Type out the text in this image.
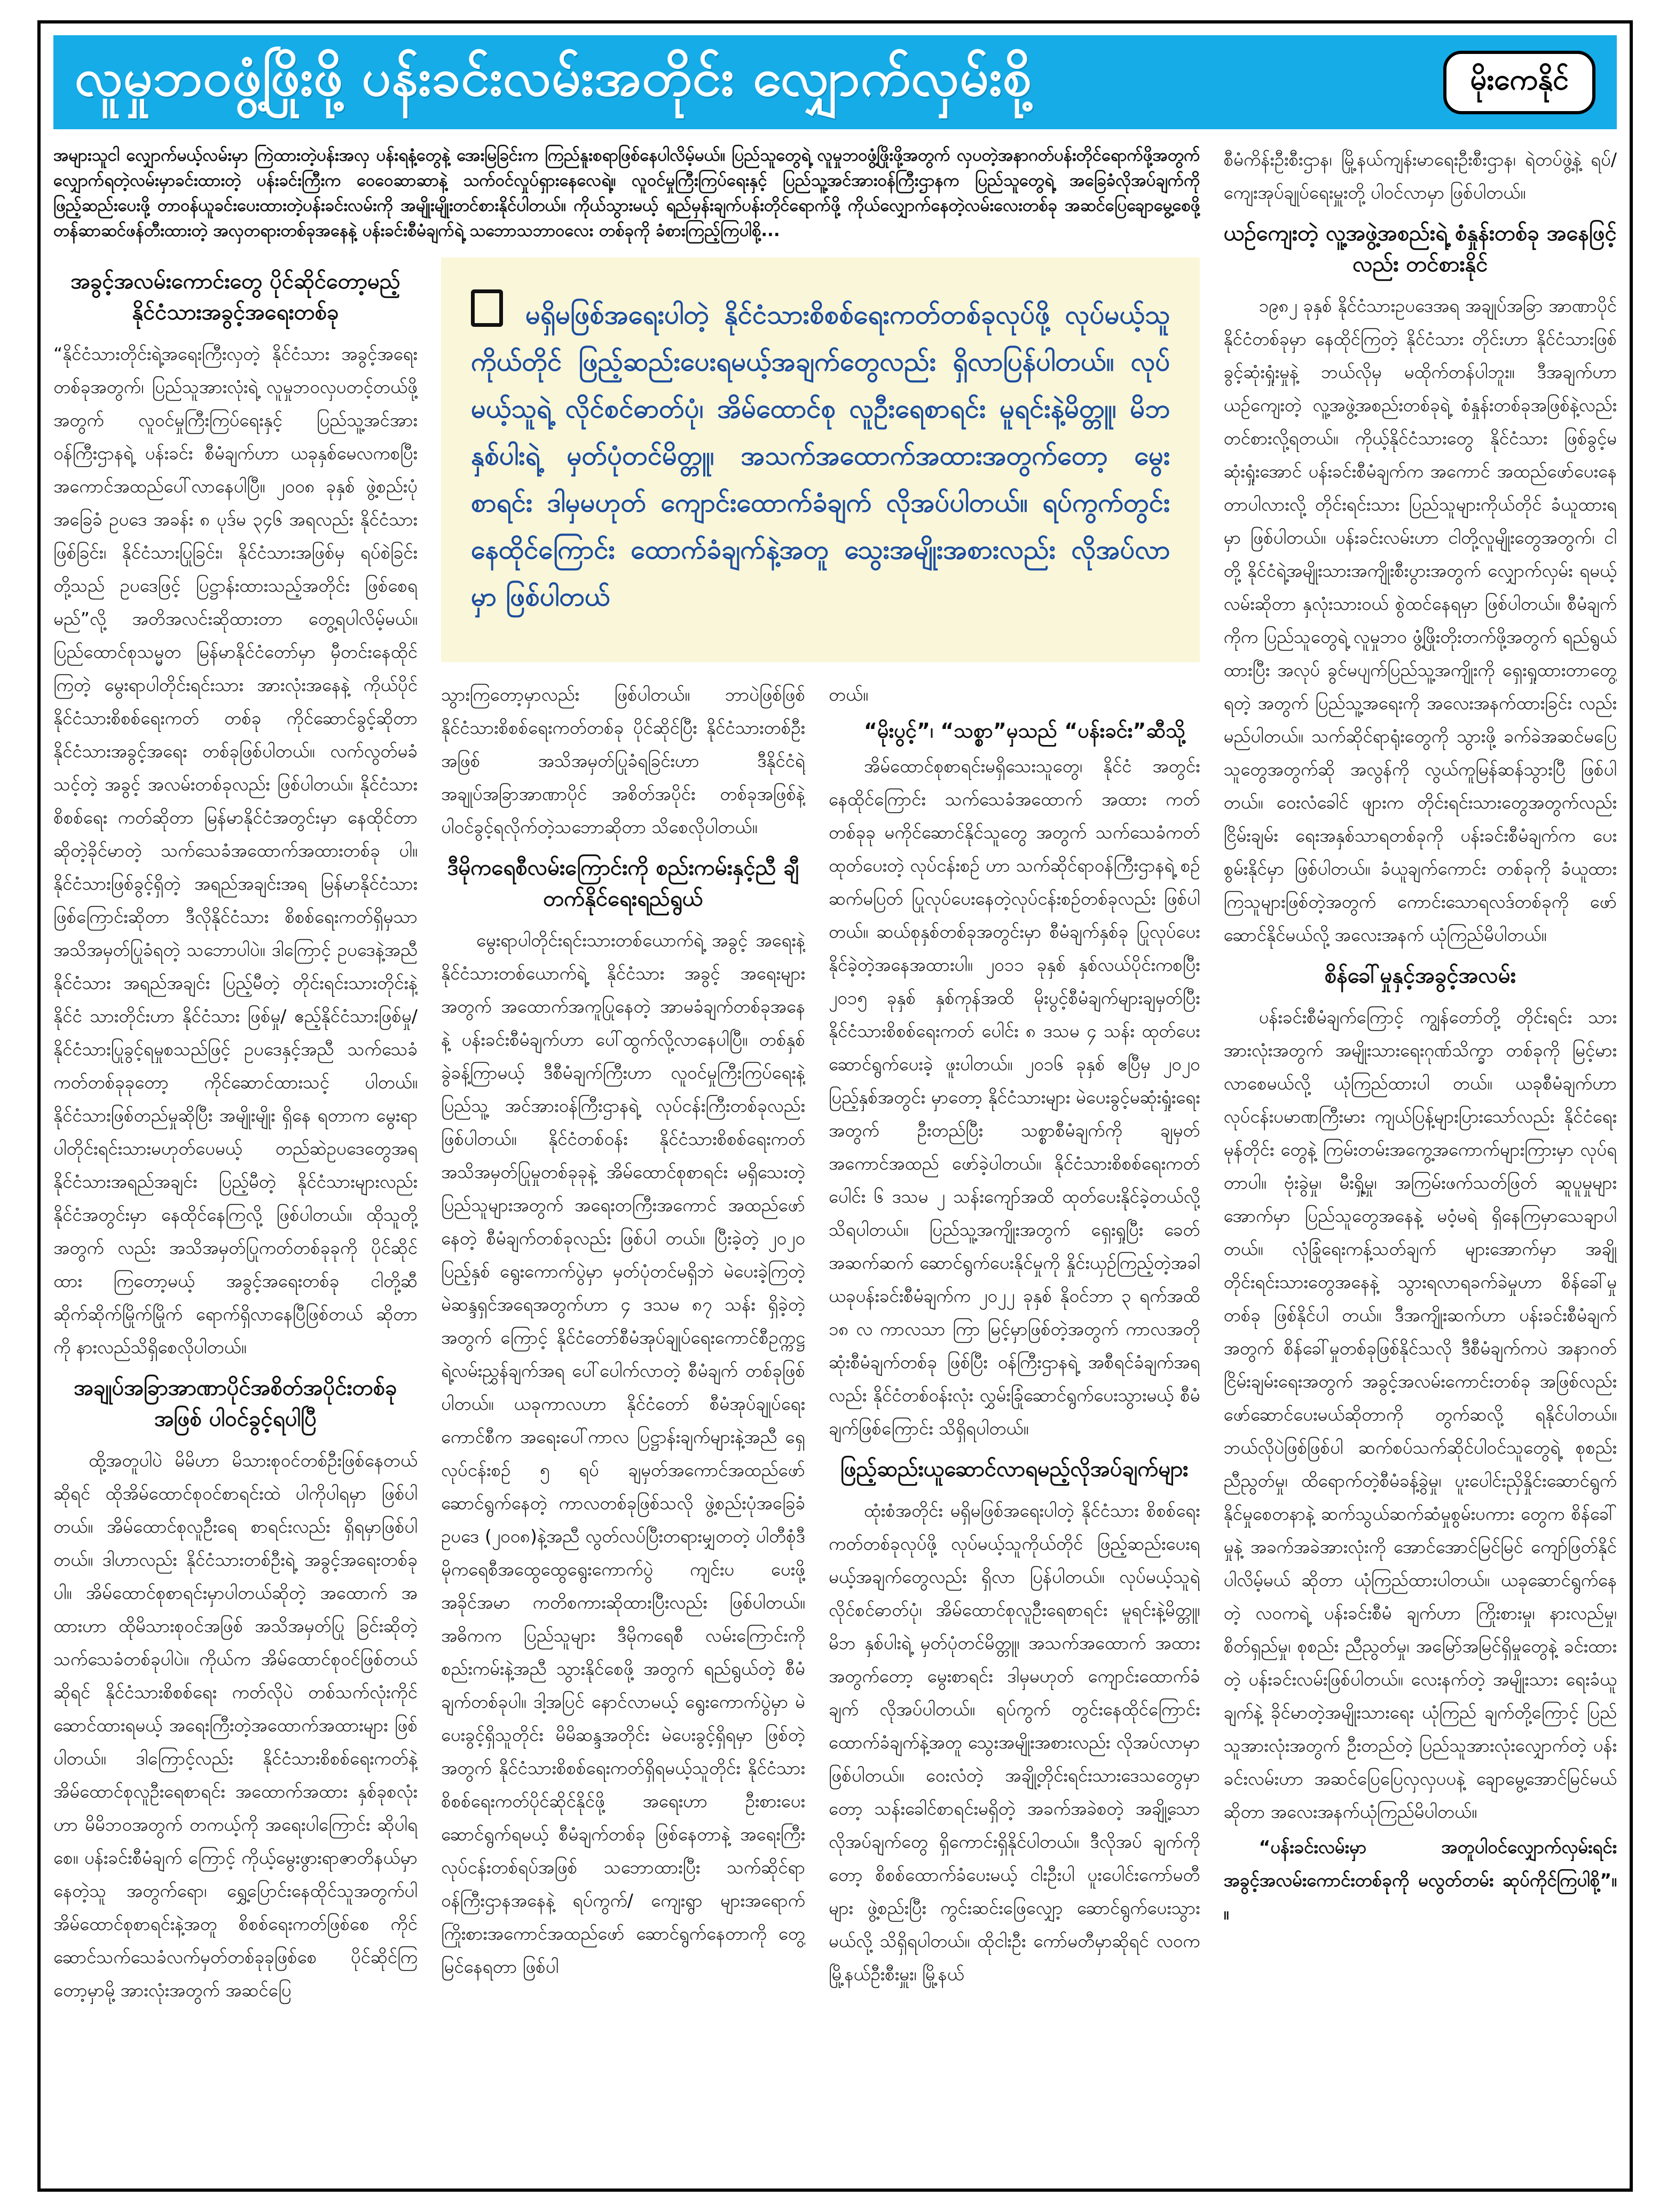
လူမှုဘဝဖွံ့ဖြိုးဖို့ ပန်းခင်းလမ်းအတိုင်း လျှောက်လှမ်းစို့	မိုးကေနိုင်
အများသူငါ လျှောက်မယ့်လမ်းမှာ ကြဲထားတဲ့ပန်းအလှ ပန်းရနံ့တွေနဲ့ အေးမြခြင်းက ကြည်နူးစရာဖြစ်နေပါလိမ့်မယ်။ ပြည်သူတွေရဲ့ လူမှုဘဝဖွံ့ဖြိုးဖို့အတွက် လှပတဲ့အနာဂတ်ပန်းတိုင်ရောက်ဖို့အတွက် လျှောက်ရတဲ့လမ်းမှာခင်းထားတဲ့ ပန်းခင်းကြီးက ဝေဝေဆာဆာနဲ့ သက်ဝင်လှုပ်ရှားနေလေရဲ့။ လူဝင်မှုကြီးကြပ်ရေးနှင့် ပြည်သူ့အင်အားဝန်ကြီးဌာနက ပြည်သူတွေရဲ့ အခြေခံလိုအပ်ချက်ကို ဖြည့်ဆည်းပေးဖို့ တာဝန်ယူခင်းပေးထားတဲ့ပန်းခင်းလမ်းကို အမျိုးမျိုးတင်စားနိုင်ပါတယ်။ ကိုယ်သွားမယ့် ရည်မှန်းချက်ပန်းတိုင်ရောက်ဖို့ ကိုယ်လျှောက်နေတဲ့လမ်းလေးတစ်ခု အဆင်ပြေချောမွေ့စေဖို့ တန်ဆာဆင်ဖန်တီးထားတဲ့ အလှတရားတစ်ခုအနေနဲ့ ပန်းခင်းစီမံချက်ရဲ့ သဘောသဘာဝလေး တစ်ခုကို ခံစားကြည့်ကြပါစို့...
မရှိမဖြစ်အရေးပါတဲ့ နိုင်ငံသားစိစစ်ရေးကတ်တစ်ခုလုပ်ဖို့ လုပ်မယ့်သူကိုယ်တိုင် ဖြည့်ဆည်းပေးရမယ့်အချက်တွေလည်း ရှိလာပြန်ပါတယ်။ လုပ်မယ့်သူရဲ့ လိုင်စင်ဓာတ်ပုံ၊ အိမ်ထောင်စု လူဦးရေစာရင်း မူရင်းနဲ့မိတ္တူ၊ မိဘနှစ်ပါးရဲ့ မှတ်ပုံတင်မိတ္တူ၊ အသက်အထောက်အထားအတွက်တော့ မွေးစာရင်း ဒါမှမဟုတ် ကျောင်းထောက်ခံချက် လိုအပ်ပါတယ်။ ရပ်ကွက်တွင်း နေထိုင်ကြောင်း ထောက်ခံချက်နဲ့အတူ သွေးအမျိုးအစားလည်း လိုအပ်လာမှာ ဖြစ်ပါတယ်
အခွင့်အလမ်းကောင်းတွေ ပိုင်ဆိုင်တော့မည့် နိုင်ငံသားအခွင့်အရေးတစ်ခု

“နိုင်ငံသားတိုင်းရဲ့အရေးကြီးလှတဲ့ နိုင်ငံသား အခွင့်အရေးတစ်ခုအတွက်၊ ပြည်သူအားလုံးရဲ့ လူမှုဘဝလှပတင့်တယ်ဖို့အတွက် လူဝင်မှုကြီးကြပ်ရေးနှင့် ပြည်သူ့အင်အားဝန်ကြီးဌာနရဲ့ ပန်းခင်း စီမံချက်ဟာ ယခုနှစ်မေလကစပြီး အကောင်အထည်ပေါ်လာနေပါပြီ။ ၂၀၀၈ ခုနှစ် ဖွဲ့စည်းပုံအခြေခံ ဥပဒေ အခန်း ၈ ပုဒ်မ ၃၄၆ အရလည်း နိုင်ငံသားဖြစ်ခြင်း၊ နိုင်ငံသားပြုခြင်း၊ နိုင်ငံသားအဖြစ်မှ ရပ်စဲခြင်းတို့သည် ဥပဒေဖြင့် ပြဋ္ဌာန်းထားသည့်အတိုင်း ဖြစ်စေရမည်”လို့ အတိအလင်းဆိုထားတာ တွေ့ရပါလိမ့်မယ်။ ပြည်ထောင်စုသမ္မတ မြန်မာနိုင်ငံတော်မှာ မှီတင်းနေထိုင်ကြတဲ့ မွေးရာပါတိုင်းရင်းသား အားလုံးအနေနဲ့ ကိုယ်ပိုင်နိုင်ငံသားစိစစ်ရေးကတ် တစ်ခု ကိုင်ဆောင်ခွင့်ဆိုတာ နိုင်ငံသားအခွင့်အရေး တစ်ခုဖြစ်ပါတယ်။ လက်လွတ်မခံသင့်တဲ့ အခွင့် အလမ်းတစ်ခုလည်း ဖြစ်ပါတယ်။ နိုင်ငံသားစိစစ်ရေး ကတ်ဆိုတာ မြန်မာနိုင်ငံအတွင်းမှာ နေထိုင်တာ ဆိုတဲ့ခိုင်မာတဲ့ သက်သေခံအထောက်အထားတစ်ခု ပါ။ နိုင်ငံသားဖြစ်ခွင့်ရှိတဲ့ အရည်အချင်းအရ မြန်မာနိုင်ငံသားဖြစ်ကြောင်းဆိုတာ ဒီလိုနိုင်ငံသား စိစစ်ရေးကတ်ရှိမှသာ အသိအမှတ်ပြုခံရတဲ့ သဘောပါပဲ။ ဒါကြောင့် ဥပဒေနဲ့အညီ နိုင်ငံသား အရည်အချင်း ပြည့်မီတဲ့ တိုင်းရင်းသားတိုင်းနဲ့ နိုင်ငံ သားတိုင်းဟာ နိုင်ငံသား ဖြစ်မှု/ ဧည့်နိုင်ငံသားဖြစ်မှု/ နိုင်ငံသားပြုခွင့်ရမှုစသည်ဖြင့် ဥပဒေနှင့်အညီ သက်သေခံကတ်တစ်ခုခုတော့ ကိုင်ဆောင်ထားသင့် ပါတယ်။ နိုင်ငံသားဖြစ်တည်မှုဆိုပြီး အမျိုးမျိုး ရှိနေ ရတာက မွေးရာပါတိုင်းရင်းသားမဟုတ်ပေမယ့် တည်ဆဲဥပဒေတွေအရ နိုင်ငံသားအရည်အချင်း ပြည့်မီတဲ့ နိုင်ငံသားများလည်း နိုင်ငံအတွင်းမှာ နေထိုင်နေကြလို့ ဖြစ်ပါတယ်။ ထိုသူတို့အတွက် လည်း အသိအမှတ်ပြုကတ်တစ်ခုခုကို ပိုင်ဆိုင်ထား ကြတော့မယ့် အခွင့်အရေးတစ်ခု ငါတို့ဆီ ဆိုက်ဆိုက်မြိုက်မြိုက် ရောက်ရှိလာနေပြီဖြစ်တယ် ဆိုတာကို နားလည်သိရှိစေလိုပါတယ်။

အချုပ်အခြာအာဏာပိုင်အစိတ်အပိုင်းတစ်ခုအဖြစ် ပါဝင်ခွင့်ရပါပြီ

ထို့အတူပါပဲ မိမိဟာ မိသားစုဝင်တစ်ဦးဖြစ်နေတယ်ဆိုရင် ထိုအိမ်ထောင်စုဝင်စာရင်းထဲ ပါကိုပါရမှာ ဖြစ်ပါတယ်။ အိမ်ထောင်စုလူဦးရေ စာရင်းလည်း ရှိရမှာဖြစ်ပါတယ်။ ဒါဟာလည်း နိုင်ငံသားတစ်ဦးရဲ့ အခွင့်အရေးတစ်ခုပါ။ အိမ်ထောင်စုစာရင်းမှာပါတယ်ဆိုတဲ့ အထောက် အထားဟာ ထိုမိသားစုဝင်အဖြစ် အသိအမှတ်ပြု ခြင်းဆိုတဲ့ သက်သေခံတစ်ခုပါပဲ။ ကိုယ်က အိမ်ထောင်စုဝင်ဖြစ်တယ်ဆိုရင် နိုင်ငံသားစိစစ်ရေး ကတ်လိုပဲ တစ်သက်လုံးကိုင်ဆောင်ထားရမယ့် အရေးကြီးတဲ့အထောက်အထားများ ဖြစ်ပါတယ်။ ဒါကြောင့်လည်း နိုင်ငံသားစိစစ်ရေးကတ်နဲ့ အိမ်ထောင်စုလူဦးရေစာရင်း အထောက်အထား နှစ်ခုစလုံးဟာ မိမိဘဝအတွက် တကယ့်ကို အရေးပါကြောင်း ဆိုပါရစေ။ ပန်းခင်းစီမံချက် ကြောင့် ကိုယ့်မွေးဖွားရာဇာတိနယ်မှာနေတဲ့သူ အတွက်ရော၊ ရွှေ့ပြောင်းနေထိုင်သူအတွက်ပါ အိမ်ထောင်စုစာရင်းနဲ့အတူ စိစစ်ရေးကတ်ဖြစ်စေ ကိုင်ဆောင်သက်သေခံလက်မှတ်တစ်ခုခုဖြစ်စေ ပိုင်ဆိုင်ကြတော့မှာမို့ အားလုံးအတွက် အဆင်ပြေ

သွားကြတော့မှာလည်း ဖြစ်ပါတယ်။ ဘာပဲဖြစ်ဖြစ် နိုင်ငံသားစိစစ်ရေးကတ်တစ်ခု ပိုင်ဆိုင်ပြီး နိုင်ငံသားတစ်ဦးအဖြစ် အသိအမှတ်ပြုခံရခြင်းဟာ ဒီနိုင်ငံရဲ့ အချုပ်အခြာအာဏာပိုင် အစိတ်အပိုင်း တစ်ခုအဖြစ်နဲ့ ပါဝင်ခွင့်ရလိုက်တဲ့သဘောဆိုတာ သိစေလိုပါတယ်။

ဒီမိုကရေစီလမ်းကြောင်းကို စည်းကမ်းနှင့်ညီ ချီတက်နိုင်ရေးရည်ရွယ်

မွေးရာပါတိုင်းရင်းသားတစ်ယောက်ရဲ့ အခွင့် အရေးနဲ့ နိုင်ငံသားတစ်ယောက်ရဲ့ နိုင်ငံသား အခွင့် အရေးများအတွက် အထောက်အကူပြုနေတဲ့ အာမခံချက်တစ်ခုအနေနဲ့ ပန်းခင်းစီမံချက်ဟာ ပေါ်ထွက်လို့လာနေပါပြီ။ တစ်နှစ်ခွဲခန့်ကြာမယ့် ဒီစီမံချက်ကြီးဟာ လူဝင်မှုကြီးကြပ်ရေးနဲ့ ပြည်သူ့ အင်အားဝန်ကြီးဌာနရဲ့ လုပ်ငန်းကြီးတစ်ခုလည်း ဖြစ်ပါတယ်။ နိုင်ငံတစ်ဝန်း နိုင်ငံသားစိစစ်ရေးကတ် အသိအမှတ်ပြုမှုတစ်ခုခုနဲ့ အိမ်ထောင်စုစာရင်း မရှိသေးတဲ့ပြည်သူများအတွက် အရေးတကြီးအကောင် အထည်ဖော်နေတဲ့ စီမံချက်တစ်ခုလည်း ဖြစ်ပါ တယ်။ ပြီးခဲ့တဲ့ ၂၀၂၀ ပြည့်နှစ် ရွေးကောက်ပွဲမှာ မှတ်ပုံတင်မရှိဘဲ မဲပေးခဲ့ကြတဲ့ မဲဆန္ဒရှင်အရေအတွက်ဟာ ၄ ဒသမ ၈၇ သန်း ရှိခဲ့တဲ့အတွက် ကြောင့် နိုင်ငံတော်စီမံအုပ်ချုပ်ရေးကောင်စီဥက္ကဋ္ဌ ရဲ့လမ်းညွှန်ချက်အရ ပေါ်ပေါက်လာတဲ့ စီမံချက် တစ်ခုဖြစ်ပါတယ်။ ယခုကာလဟာ နိုင်ငံတော် စီမံအုပ်ချုပ်ရေးကောင်စီက အရေးပေါ်ကာလ ပြဋ္ဌာန်းချက်များနဲ့အညီ ရှေ့လုပ်ငန်းစဉ် ၅ ရပ် ချမှတ်အကောင်အထည်ဖော် ဆောင်ရွက်နေတဲ့ ကာလတစ်ခုဖြစ်သလို ဖွဲ့စည်းပုံအခြေခံဥပဒေ (၂၀၀၈)နဲ့အညီ လွတ်လပ်ပြီးတရားမျှတတဲ့ ပါတီစုံဒီမိုကရေစီအထွေထွေရွေးကောက်ပွဲ ကျင်းပ ပေးဖို့ အခိုင်အမာ ကတိစကားဆိုထားပြီးလည်း ဖြစ်ပါတယ်။ အဓိကက ပြည်သူများ ဒီမိုကရေစီ လမ်းကြောင်းကို စည်းကမ်းနဲ့အညီ သွားနိုင်စေဖို့ အတွက် ရည်ရွယ်တဲ့ စီမံချက်တစ်ခုပါ။ ဒါ့အပြင် နောင်လာမယ့် ရွေးကောက်ပွဲမှာ မဲပေးခွင့်ရှိသူတိုင်း မိမိဆန္ဒအတိုင်း မဲပေးခွင့်ရှိရမှာ ဖြစ်တဲ့အတွက် နိုင်ငံသားစိစစ်ရေးကတ်ရှိရမယ့်သူတိုင်း နိုင်ငံသား စိစစ်ရေးကတ်ပိုင်ဆိုင်နိုင်ဖို့ အရေးဟာ ဦးစားပေး ဆောင်ရွက်ရမယ့် စီမံချက်တစ်ခု ဖြစ်နေတာနဲ့ အရေးကြီးလုပ်ငန်းတစ်ရပ်အဖြစ် သဘောထားပြီး သက်ဆိုင်ရာဝန်ကြီးဌာနအနေနဲ့ ရပ်ကွက်/ ကျေးရွာ များအရောက် ကြိုးစားအကောင်အထည်ဖော် ဆောင်ရွက်နေတာကို တွေ့မြင်နေရတာ ဖြစ်ပါ

တယ်။

“မိုးပွင့်”၊ “သစ္စာ”မှသည် “ပန်းခင်း”ဆီသို့

အိမ်ထောင်စုစာရင်းမရှိသေးသူတွေ၊ နိုင်ငံ အတွင်းနေထိုင်ကြောင်း သက်သေခံအထောက် အထား ကတ်တစ်ခုခု မကိုင်ဆောင်နိုင်သူတွေ အတွက် သက်သေခံကတ်ထုတ်ပေးတဲ့ လုပ်ငန်းစဉ် ဟာ သက်ဆိုင်ရာဝန်ကြီးဌာနရဲ့ စဉ်ဆက်မပြတ် ပြုလုပ်ပေးနေတဲ့လုပ်ငန်းစဉ်တစ်ခုလည်း ဖြစ်ပါ တယ်။ ဆယ်စုနှစ်တစ်ခုအတွင်းမှာ စီမံချက်နှစ်ခု ပြုလုပ်ပေးနိုင်ခဲ့တဲ့အနေအထားပါ။ ၂၀၁၁ ခုနှစ် နှစ်လယ်ပိုင်းကစပြီး ၂၀၁၅ ခုနှစ် နှစ်ကုန်အထိ မိုးပွင့်စီမံချက်များချမှတ်ပြီး နိုင်ငံသားစိစစ်ရေးကတ် ပေါင်း ၈ ဒသမ ၄ သန်း ထုတ်ပေးဆောင်ရွက်ပေးခဲ့ ဖူးပါတယ်။ ၂၀၁၆ ခုနှစ် ဧပြီမှ ၂၀၂၀ ပြည့်နှစ်အတွင်း မှာတော့ နိုင်ငံသားများ မဲပေးခွင့်မဆုံးရှုံးရေးအတွက် ဦးတည်ပြီး သစ္စာစီမံချက်ကို ချမှတ်အကောင်အထည် ဖော်ခဲ့ပါတယ်။ နိုင်ငံသားစိစစ်ရေးကတ်ပေါင်း ၆ ဒသမ ၂ သန်းကျော်အထိ ထုတ်ပေးနိုင်ခဲ့တယ်လို့ သိရပါတယ်။ ပြည်သူ့အကျိုးအတွက် ရှေးရှုပြီး ခေတ်အဆက်ဆက် ဆောင်ရွက်ပေးနိုင်မှုကို နှိုင်းယှဉ်ကြည့်တဲ့အခါ ယခုပန်းခင်းစီမံချက်က ၂၀၂၂ ခုနှစ် နိုဝင်ဘာ ၃ ရက်အထိ ၁၈ လ ကာလသာ ကြာ မြင့်မှာဖြစ်တဲ့အတွက် ကာလအတိုဆုံးစီမံချက်တစ်ခု ဖြစ်ပြီး ဝန်ကြီးဌာနရဲ့ အစီရင်ခံချက်အရလည်း နိုင်ငံတစ်ဝန်းလုံး လွှမ်းခြုံဆောင်ရွက်ပေးသွားမယ့် စီမံချက်ဖြစ်ကြောင်း သိရှိရပါတယ်။

ဖြည့်ဆည်းယူဆောင်လာရမည့်လိုအပ်ချက်များ

ထုံးစံအတိုင်း မရှိမဖြစ်အရေးပါတဲ့ နိုင်ငံသား စိစစ်ရေးကတ်တစ်ခုလုပ်ဖို့ လုပ်မယ့်သူကိုယ်တိုင် ဖြည့်ဆည်းပေးရမယ့်အချက်တွေလည်း ရှိလာ ပြန်ပါတယ်။ လုပ်မယ့်သူရဲ့ လိုင်စင်ဓာတ်ပုံ၊ အိမ်ထောင်စုလူဦးရေစာရင်း မူရင်းနဲ့မိတ္တူ၊ မိဘ နှစ်ပါးရဲ့ မှတ်ပုံတင်မိတ္တူ၊ အသက်အထောက် အထားအတွက်တော့ မွေးစာရင်း ဒါမှမဟုတ် ကျောင်းထောက်ခံချက် လိုအပ်ပါတယ်။ ရပ်ကွက် တွင်းနေထိုင်ကြောင်း ထောက်ခံချက်နဲ့အတူ သွေးအမျိုးအစားလည်း လိုအပ်လာမှာ ဖြစ်ပါတယ်။ ဝေးလံတဲ့ အချို့တိုင်းရင်းသားဒေသတွေမှာတော့ သန်းခေါင်စာရင်းမရှိတဲ့ အခက်အခဲစတဲ့ အချို့သော လိုအပ်ချက်တွေ ရှိကောင်းရှိနိုင်ပါတယ်။ ဒီလိုအပ် ချက်ကိုတော့ စိစစ်ထောက်ခံပေးမယ့် ငါးဦးပါ ပူးပေါင်းကော်မတီများ ဖွဲ့စည်းပြီး ကွင်းဆင်းဖြေလျှော့ ဆောင်ရွက်ပေးသွားမယ်လို့ သိရှိရပါတယ်။ ထိုငါးဦး ကော်မတီမှာဆိုရင် လဝကမြို့နယ်ဦးစီးမှူး၊ မြို့နယ်

စီမံကိန်းဦးစီးဌာန၊ မြို့နယ်ကျန်းမာရေးဦးစီးဌာန၊ ရဲတပ်ဖွဲ့နဲ့ ရပ်/ကျေးအုပ်ချုပ်ရေးမှူးတို့ ပါဝင်လာမှာ ဖြစ်ပါတယ်။

ယဉ်ကျေးတဲ့ လူ့အဖွဲ့အစည်းရဲ့ စံနှုန်းတစ်ခု အနေဖြင့်လည်း တင်စားနိုင်

၁၉၈၂ ခုနှစ် နိုင်ငံသားဥပဒေအရ အချုပ်အခြာ အာဏာပိုင် နိုင်ငံတစ်ခုမှာ နေထိုင်ကြတဲ့ နိုင်ငံသား တိုင်းဟာ နိုင်ငံသားဖြစ်ခွင့်ဆုံးရှုံးမှုနဲ့ ဘယ်လိုမှ မထိုက်တန်ပါဘူး။ ဒီအချက်ဟာ ယဉ်ကျေးတဲ့ လူ့အဖွဲ့အစည်းတစ်ခုရဲ့ စံနှုန်းတစ်ခုအဖြစ်နဲ့လည်း တင်စားလို့ရတယ်။ ကိုယ့်နိုင်ငံသားတွေ နိုင်ငံသား ဖြစ်ခွင့်မဆုံးရှုံးအောင် ပန်းခင်းစီမံချက်က အကောင် အထည်ဖော်ပေးနေတာပါလားလို့ တိုင်းရင်းသား ပြည်သူများကိုယ်တိုင် ခံယူထားရမှာ ဖြစ်ပါတယ်။ ပန်းခင်းလမ်းဟာ ငါတို့လူမျိုးတွေအတွက်၊ ငါတို့ နိုင်ငံရဲ့အမျိုးသားအကျိုးစီးပွားအတွက် လျှောက်လှမ်း ရမယ့်လမ်းဆိုတာ နှလုံးသားဝယ် စွဲထင်နေရမှာ ဖြစ်ပါတယ်။ စီမံချက်ကိုက ပြည်သူတွေရဲ့ လူမှုဘဝ ဖွံ့ဖြိုးတိုးတက်ဖို့အတွက် ရည်ရွယ်ထားပြီး အလုပ် ခွင်မပျက်ပြည်သူ့အကျိုးကို ရှေးရှုထားတာတွေ့ရတဲ့ အတွက် ပြည်သူ့အရေးကို အလေးအနက်ထားခြင်း လည်းမည်ပါတယ်။ သက်ဆိုင်ရာရုံးတွေကို သွားဖို့ ခက်ခဲအဆင်မပြေသူတွေအတွက်ဆို အလွန်ကို လွယ်ကူမြန်ဆန်သွားပြီ ဖြစ်ပါတယ်။ ဝေးလံခေါင် ဖျားက တိုင်းရင်းသားတွေအတွက်လည်း ငြိမ်းချမ်း ရေးအနှစ်သာရတစ်ခုကို ပန်းခင်းစီမံချက်က ပေးစွမ်းနိုင်မှာ ဖြစ်ပါတယ်။ ခံယူချက်ကောင်း တစ်ခုကို ခံယူထားကြသူများဖြစ်တဲ့အတွက် ကောင်းသောရလဒ်တစ်ခုကို ဖော်ဆောင်နိုင်မယ်လို့ အလေးအနက် ယုံကြည်မိပါတယ်။

စိန်ခေါ်မှုနှင့်အခွင့်အလမ်း

ပန်းခင်းစီမံချက်ကြောင့် ကျွန်တော်တို့ တိုင်းရင်း သားအားလုံးအတွက် အမျိုးသားရေးဂုဏ်သိက္ခာ တစ်ခုကို မြင့်မားလာစေမယ်လို့ ယုံကြည်ထားပါ တယ်။ ယခုစီမံချက်ဟာ လုပ်ငန်းပမာဏကြီးမား ကျယ်ပြန့်များပြားသော်လည်း နိုင်ငံရေးမုန်တိုင်း တွေနဲ့ ကြမ်းတမ်းအကွေ့အကောက်များကြားမှာ လုပ်ရတာပါ။ ဗုံးခွဲမှု၊ မီးရှို့မှု၊ အကြမ်းဖက်သတ်ဖြတ် ဆူပူမှုများအောက်မှာ ပြည်သူတွေအနေနဲ့ မဝံ့မရဲ ရှိနေကြမှာသေချာပါတယ်။ လုံခြုံရေးကန့်သတ်ချက် များအောက်မှာ အချို့တိုင်းရင်းသားတွေအနေနဲ့ သွားရလာရခက်ခဲမှုဟာ စိန်ခေါ်မှုတစ်ခု ဖြစ်နိုင်ပါ တယ်။ ဒီအကျိုးဆက်ဟာ ပန်းခင်းစီမံချက်အတွက် စိန်ခေါ်မှုတစ်ခုဖြစ်နိုင်သလို ဒီစီမံချက်ကပဲ အနာဂတ် ငြိမ်းချမ်းရေးအတွက် အခွင့်အလမ်းကောင်းတစ်ခု အဖြစ်လည်း ဖော်ဆောင်ပေးမယ်ဆိုတာကို တွက်ဆလို့ ရနိုင်ပါတယ်။ ဘယ်လိုပဲဖြစ်ဖြစ်ပါ ဆက်စပ်သက်ဆိုင်ပါဝင်သူတွေရဲ့ စုစည်းညီညွတ်မှု၊ ထိရောက်တဲ့စီမံခန့်ခွဲမှု၊ ပူးပေါင်းညှိနှိုင်းဆောင်ရွက် နိုင်မှုစေတနာနဲ့ ဆက်သွယ်ဆက်ဆံမှုစွမ်းပကား တွေက စိန်ခေါ်မှုနဲ့ အခက်အခဲအားလုံးကို အောင်အောင်မြင်မြင် ကျော်ဖြတ်နိုင်ပါလိမ့်မယ် ဆိုတာ ယုံကြည်ထားပါတယ်။ ယခုဆောင်ရွက်နေတဲ့ လဝကရဲ့ ပန်းခင်းစီမံ ချက်ဟာ ကြိုးစားမှု၊ နားလည်မှု၊ စိတ်ရှည်မှု၊ စုစည်း ညီညွတ်မှု၊ အမြော်အမြင်ရှိမှုတွေနဲ့ ခင်းထားတဲ့ ပန်းခင်းလမ်းဖြစ်ပါတယ်။ လေးနက်တဲ့ အမျိုးသား ရေးခံယူချက်နဲ့ ခိုင်မာတဲ့အမျိုးသားရေး ယုံကြည် ချက်တို့ကြောင့် ပြည်သူအားလုံးအတွက် ဦးတည်တဲ့ ပြည်သူအားလုံးလျှောက်တဲ့ ပန်းခင်းလမ်းဟာ အဆင်ပြေပြေလှလှပပနဲ့ ချောမွေ့အောင်မြင်မယ် ဆိုတာ အလေးအနက်ယုံကြည်မိပါတယ်။

“ပန်းခင်းလမ်းမှာ အတူပါဝင်လျှောက်လှမ်းရင်း အခွင့်အလမ်းကောင်းတစ်ခုကို မလွတ်တမ်း ဆုပ်ကိုင်ကြပါစို့”။ ။
